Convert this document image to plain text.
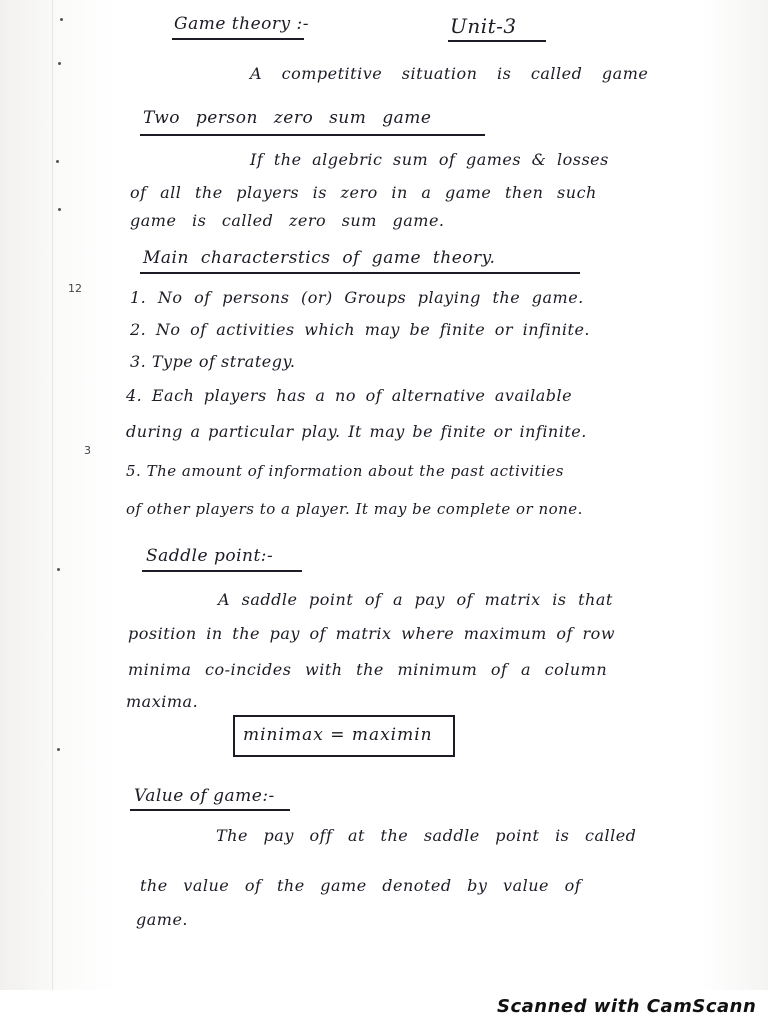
Game theory :-	Unit-3
A competitive situation is called game
Two person zero sum game
If the algebric sum of games & losses
of all the players is zero in a game then such
game is called zero sum game.
Main characterstics of game theory.
12	1. No of persons (or) Groups playing the game.
2. No of activities which may be finite or infinite.
3. Type of strategy.
4. Each players has a no of alternative available
3
during a particular play. It may be finite or infinite.
5. The amount of information about the past activities
of other players to a player. It may be complete or none.
Saddle point:-
A saddle point of a pay of matrix is that
position in the pay of matrix where maximum of row
minima co-incides with the minimum of a column
maxima.
minimax = maximin
Value of game:-
The pay off at the saddle point is called
the value of the game denoted by value of
game.
Scanned with CamScann
